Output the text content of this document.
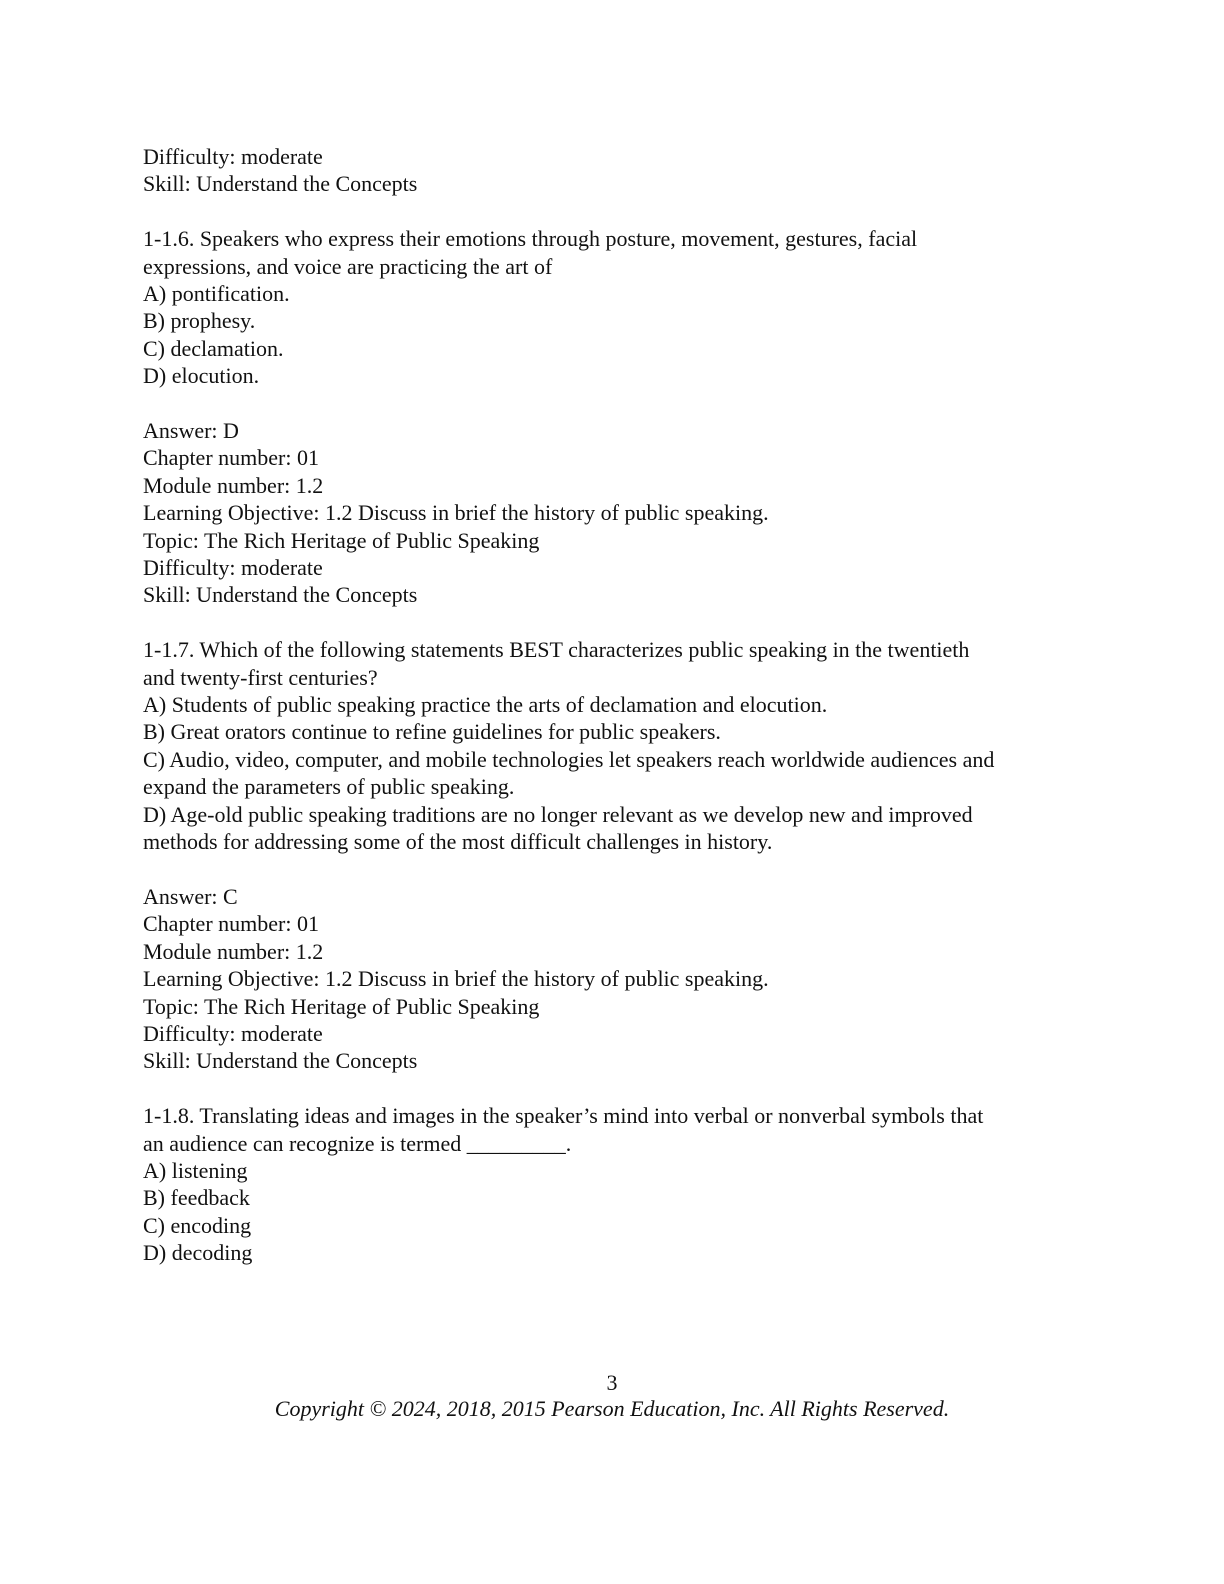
Difficulty: moderate

Skill: Understand the Concepts

1-1.6. Speakers who express their emotions through posture, movement, gestures, facial

expressions, and voice are practicing the art of

A) pontification.

B) prophesy.

C) declamation.

D) elocution.

Answer: D

Chapter number: 01

Module number: 1.2

Learning Objective: 1.2 Discuss in brief the history of public speaking.

Topic: The Rich Heritage of Public Speaking

Difficulty: moderate

Skill: Understand the Concepts

1-1.7. Which of the following statements BEST characterizes public speaking in the twentieth

and twenty-first centuries?

A) Students of public speaking practice the arts of declamation and elocution.

B) Great orators continue to refine guidelines for public speakers.

C) Audio, video, computer, and mobile technologies let speakers reach worldwide audiences and

expand the parameters of public speaking.

D) Age-old public speaking traditions are no longer relevant as we develop new and improved

methods for addressing some of the most difficult challenges in history.

Answer: C

Chapter number: 01

Module number: 1.2

Learning Objective: 1.2 Discuss in brief the history of public speaking.

Topic: The Rich Heritage of Public Speaking

Difficulty: moderate

Skill: Understand the Concepts

1-1.8. Translating ideas and images in the speaker’s mind into verbal or nonverbal symbols that

an audience can recognize is termed _________.

A) listening

B) feedback

C) encoding

D) decoding

3
Copyright © 2024, 2018, 2015 Pearson Education, Inc. All Rights Reserved.
